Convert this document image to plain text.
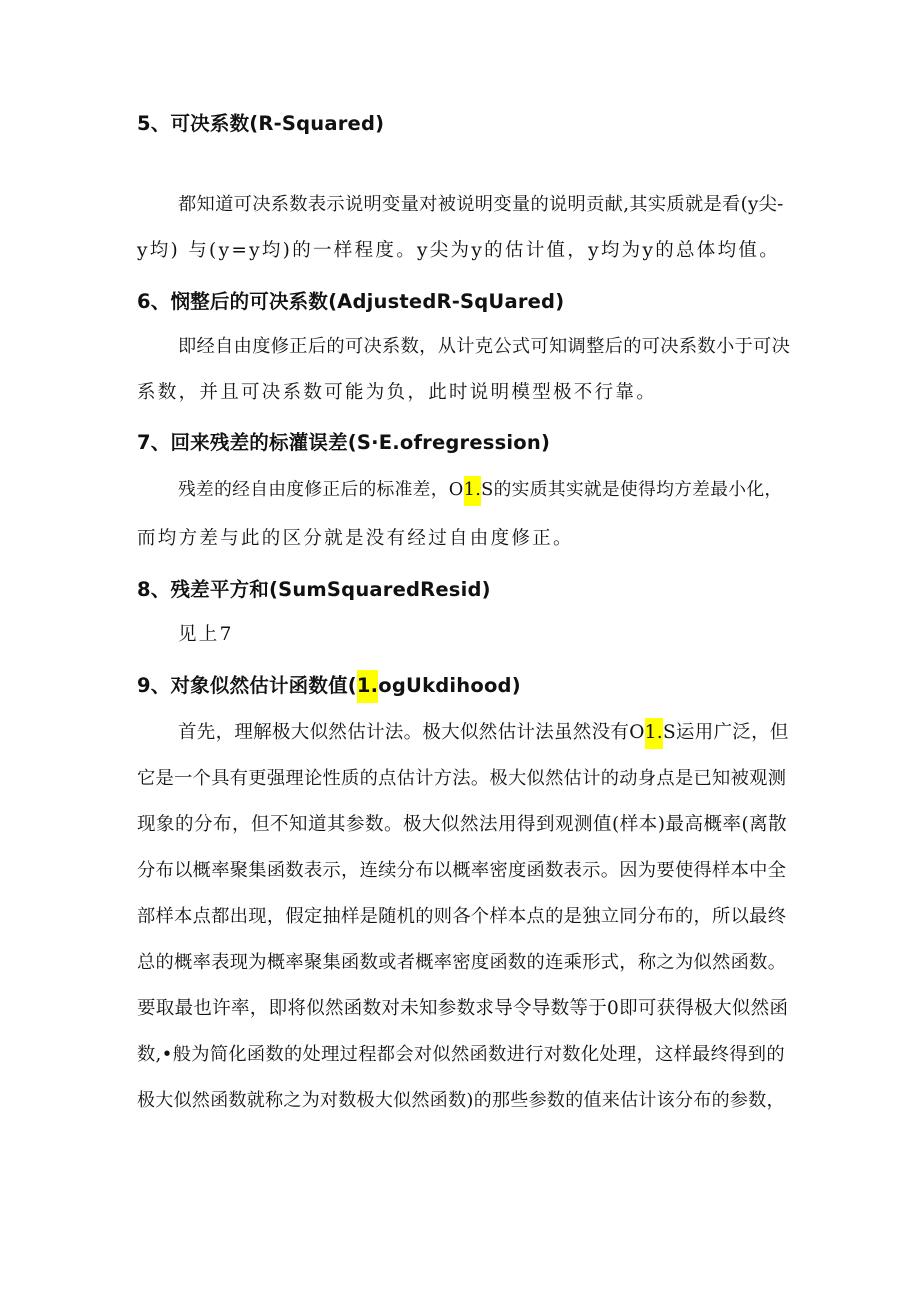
5、可决系数(R-Squared)
都知道可决系数表示说明变量对被说明变量的说明贡献,其实质就是看(y尖-
y均) 与(y=y均)的一样程度。y尖为y的估计值，y均为y的总体均值。
6、悯整后的可决系数(AdjustedR-SqUared)
即经自由度修正后的可决系数，从计克公式可知调整后的可决系数小于可决
系数，并且可决系数可能为负，此时说明模型极不行靠。
7、回来残差的标灌误差(S·E.ofregression)
残差的经自由度修正后的标准差，O1.S的实质其实就是使得均方差最小化，
而均方差与此的区分就是没有经过自由度修正。
8、残差平方和(SumSquaredResid)
见上7
9、对象似然估计函数值(1.ogUkdihood)
首先，理解极大似然估计法。极大似然估计法虽然没有O1.S运用广泛，但
它是一个具有更强理论性质的点估计方法。极大似然估计的动身点是已知被观测
现象的分布，但不知道其参数。极大似然法用得到观测值(样本)最高概率(离散
分布以概率聚集函数表示，连续分布以概率密度函数表示。因为要使得样本中全
部样本点都出现，假定抽样是随机的则各个样本点的是独立同分布的，所以最终
总的概率表现为概率聚集函数或者概率密度函数的连乘形式，称之为似然函数。
要取最也许率，即将似然函数对未知参数求导令导数等于0即可获得极大似然函
数,•般为简化函数的处理过程都会对似然函数进行对数化处理，这样最终得到的
极大似然函数就称之为对数极大似然函数)的那些参数的值来估计该分布的参数，
